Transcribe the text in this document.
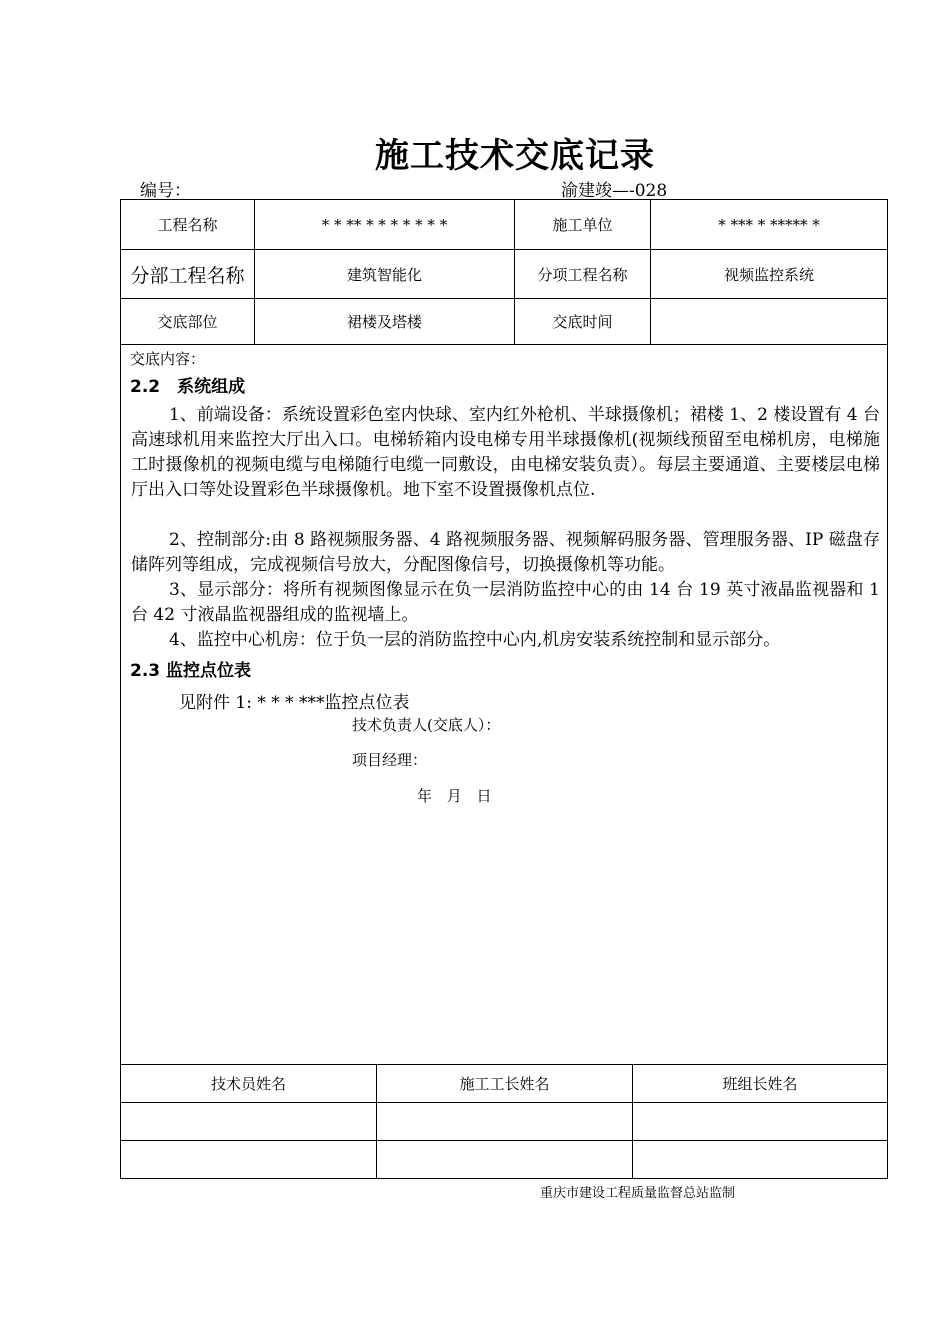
施工技术交底记录
编号：	渝建竣—-028
工程名称	* * ** * * * * * * *	施工单位	* *** * ***** *
分部工程名称	建筑智能化	分项工程名称	视频监控系统
交底部位	裙楼及塔楼	交底时间	
交底内容：
2.2　系统组成
1、前端设备：系统设置彩色室内快球、室内红外枪机、半球摄像机；裙楼 1、2 楼设置有 4 台高速球机用来监控大厅出入口。电梯轿箱内设电梯专用半球摄像机(视频线预留至电梯机房，电梯施工时摄像机的视频电缆与电梯随行电缆一同敷设，由电梯安装负责）。每层主要通道、主要楼层电梯厅出入口等处设置彩色半球摄像机。地下室不设置摄像机点位.
2、控制部分:由 8 路视频服务器、4 路视频服务器、视频解码服务器、管理服务器、IP 磁盘存储阵列等组成，完成视频信号放大，分配图像信号，切换摄像机等功能。
3、显示部分：将所有视频图像显示在负一层消防监控中心的由 14 台 19 英寸液晶监视器和 1 台 42 寸液晶监视器组成的监视墙上。
4、监控中心机房：位于负一层的消防监控中心内,机房安装系统控制和显示部分。
2.3 监控点位表
见附件 1: * * * ***监控点位表
技术负责人(交底人）：
项目经理：
年 月 日
技术员姓名	施工工长姓名	班组长姓名

重庆市建设工程质量监督总站监制
